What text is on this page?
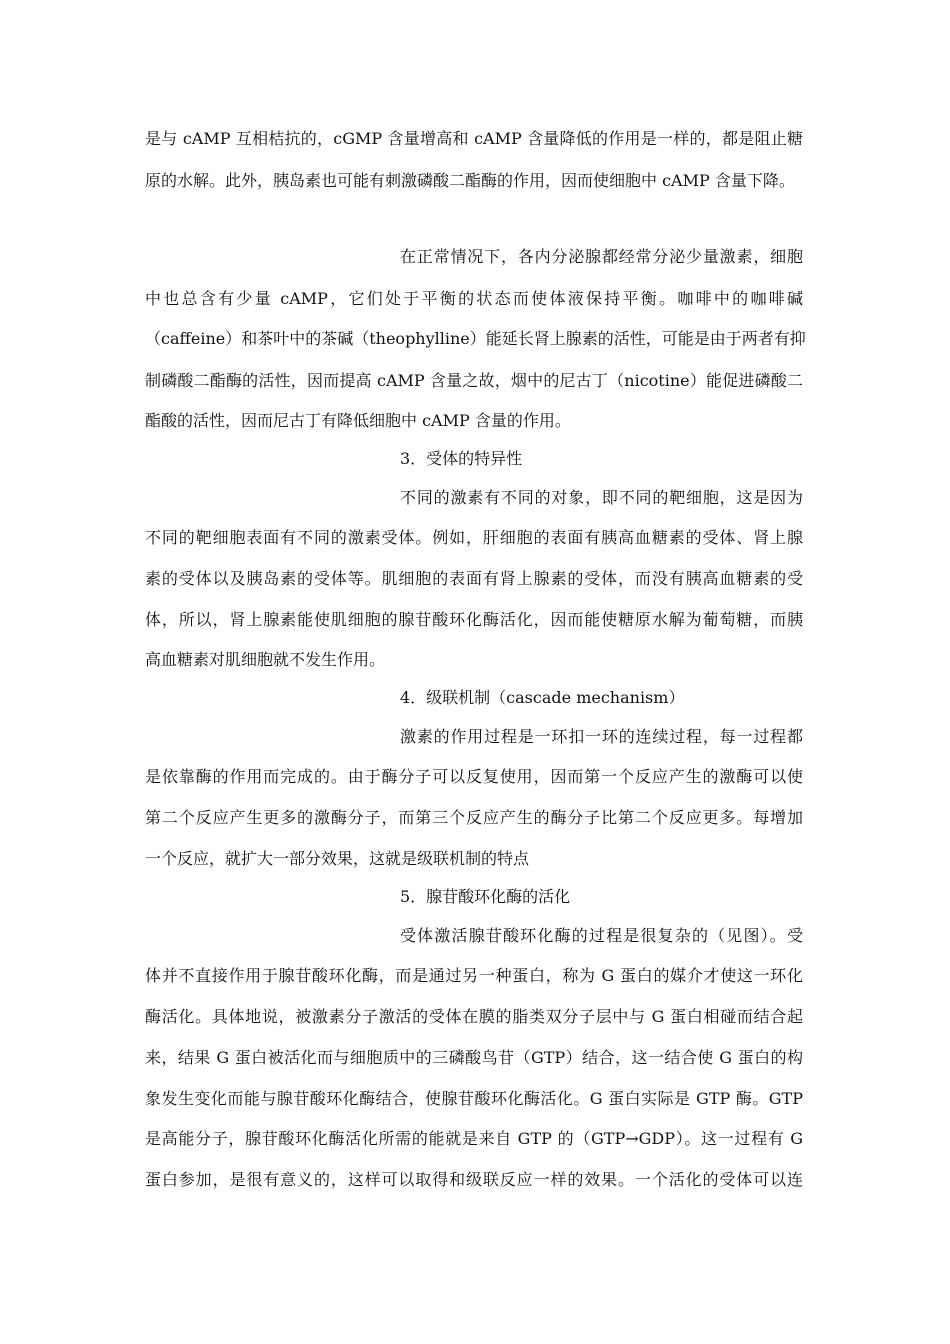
是与 cAMP 互相桔抗的，cGMP 含量增高和 cAMP 含量降低的作用是一样的，都是阻止糖

原的水解。此外，胰岛素也可能有刺激磷酸二酯酶的作用，因而使细胞中 cAMP 含量下降。

在正常情况下，各内分泌腺都经常分泌少量激素，细胞

中也总含有少量 cAMP，它们处于平衡的状态而使体液保持平衡。咖啡中的咖啡碱

（caffeine）和茶叶中的茶碱（theophylline）能延长肾上腺素的活性，可能是由于两者有抑

制磷酸二酯酶的活性，因而提高 cAMP 含量之故，烟中的尼古丁（nicotine）能促进磷酸二

酯酸的活性，因而尼古丁有降低细胞中 cAMP 含量的作用。

3．受体的特异性

不同的激素有不同的对象，即不同的靶细胞，这是因为

不同的靶细胞表面有不同的激素受体。例如，肝细胞的表面有胰高血糖素的受体、肾上腺

素的受体以及胰岛素的受体等。肌细胞的表面有肾上腺素的受体，而没有胰高血糖素的受

体，所以，肾上腺素能使肌细胞的腺苷酸环化酶活化，因而能使糖原水解为葡萄糖，而胰

高血糖素对肌细胞就不发生作用。

4．级联机制（cascade mechanism）

激素的作用过程是一环扣一环的连续过程，每一过程都

是依靠酶的作用而完成的。由于酶分子可以反复使用，因而第一个反应产生的激酶可以使

第二个反应产生更多的激酶分子，而第三个反应产生的酶分子比第二个反应更多。每增加

一个反应，就扩大一部分效果，这就是级联机制的特点

5．腺苷酸环化酶的活化

受体激活腺苷酸环化酶的过程是很复杂的（见图）。受

体并不直接作用于腺苷酸环化酶，而是通过另一种蛋白，称为 G 蛋白的媒介才使这一环化

酶活化。具体地说，被激素分子激活的受体在膜的脂类双分子层中与 G 蛋白相碰而结合起

来，结果 G 蛋白被活化而与细胞质中的三磷酸鸟苷（GTP）结合，这一结合使 G 蛋白的构

象发生变化而能与腺苷酸环化酶结合，使腺苷酸环化酶活化。G 蛋白实际是 GTP 酶。GTP

是高能分子，腺苷酸环化酶活化所需的能就是来自 GTP 的（GTP→GDP）。这一过程有 G

蛋白参加，是很有意义的，这样可以取得和级联反应一样的效果。一个活化的受体可以连
